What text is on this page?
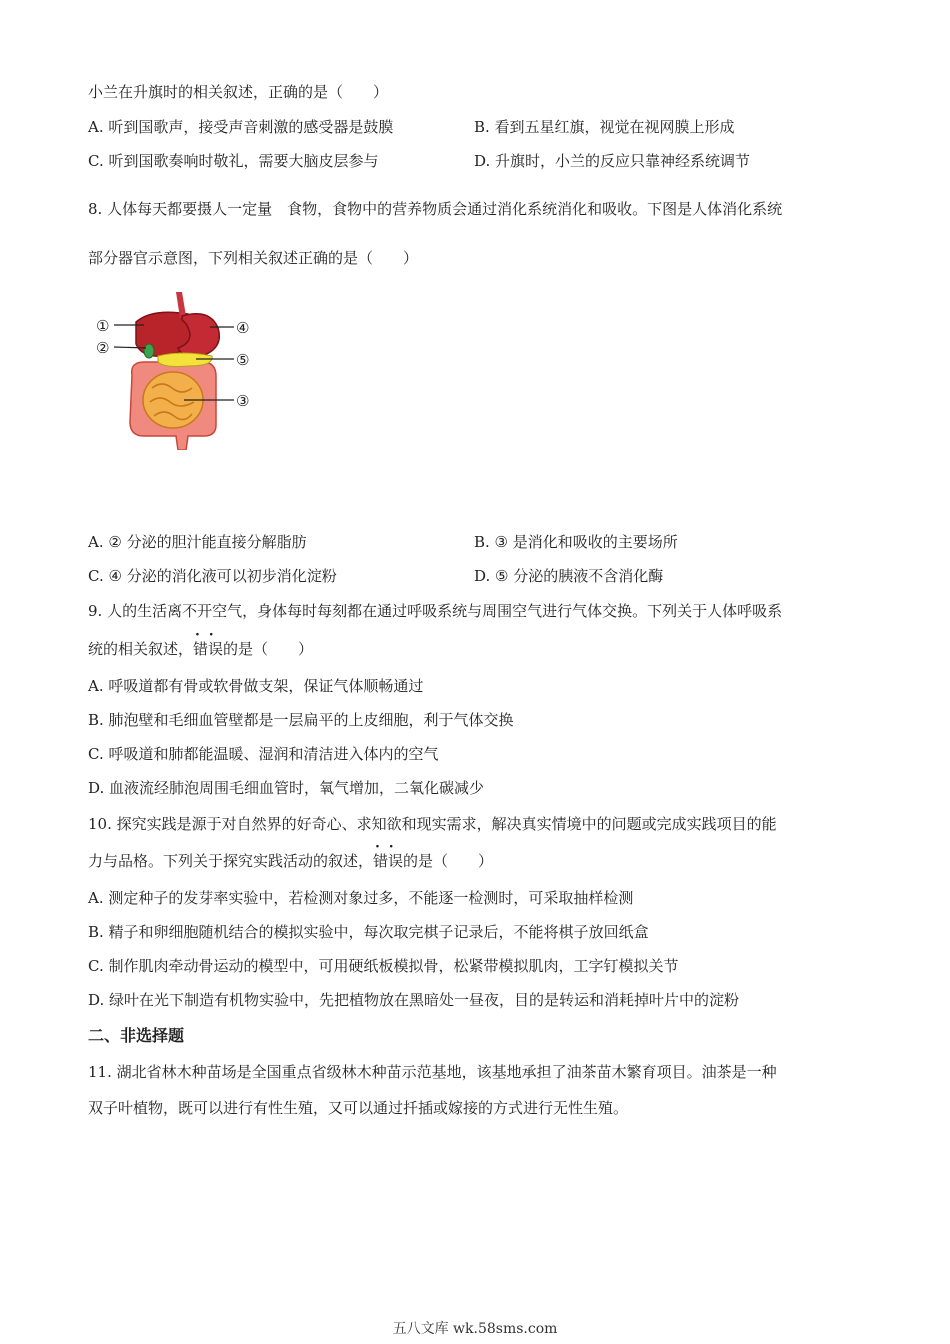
小兰在升旗时的相关叙述，正确的是（　　）
A. 听到国歌声，接受声音刺激的感受器是鼓膜	B. 看到五星红旗，视觉在视网膜上形成
C. 听到国歌奏响时敬礼，需要大脑皮层参与	D. 升旗时，小兰的反应只靠神经系统调节
8. 人体每天都要摄人一定量　食物，食物中的营养物质会通过消化系统消化和吸收。下图是人体消化系统
部分器官示意图，下列相关叙述正确的是（　　）
①
②
④
⑤
③
A. ② 分泌的胆汁能直接分解脂肪	B. ③ 是消化和吸收的主要场所
C. ④ 分泌的消化液可以初步消化淀粉	D. ⑤ 分泌的胰液不含消化酶
9. 人的生活离不开空气，身体每时每刻都在通过呼吸系统与周围空气进行气体交换。下列关于人体呼吸系
统的相关叙述，· · 错误的是（　　）
A. 呼吸道都有骨或软骨做支架，保证气体顺畅通过
B. 肺泡壁和毛细血管壁都是一层扁平的上皮细胞，利于气体交换
C. 呼吸道和肺都能温暖、湿润和清洁进入体内的空气
D. 血液流经肺泡周围毛细血管时，氧气增加，二氧化碳减少
10. 探究实践是源于对自然界的好奇心、求知欲和现实需求，解决真实情境中的问题或完成实践项目的能
力与品格。下列关于探究实践活动的叙述，· · 错误的是（　　）
A. 测定种子的发芽率实验中，若检测对象过多，不能逐一检测时，可采取抽样检测
B. 精子和卵细胞随机结合的模拟实验中，每次取完棋子记录后，不能将棋子放回纸盒
C. 制作肌肉牵动骨运动的模型中，可用硬纸板模拟骨，松紧带模拟肌肉，工字钉模拟关节
D. 绿叶在光下制造有机物实验中，先把植物放在黑暗处一昼夜，目的是转运和消耗掉叶片中的淀粉
二、非选择题
11. 湖北省林木种苗场是全国重点省级林木种苗示范基地，该基地承担了油茶苗木繁育项目。油茶是一种
双子叶植物，既可以进行有性生殖，又可以通过扦插或嫁接的方式进行无性生殖。
五八文库 wk.58sms.com
